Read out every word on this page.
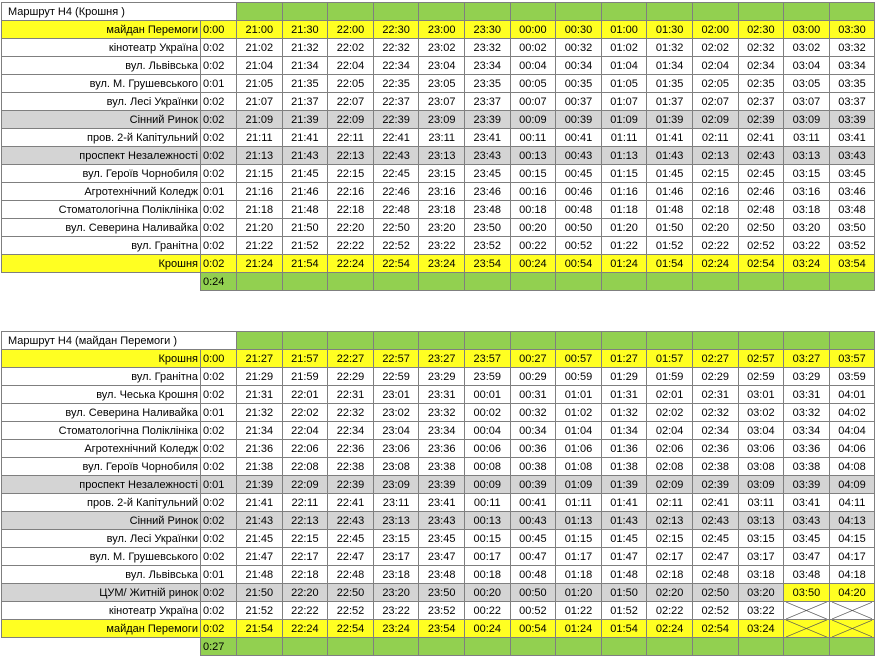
Маршрут Н4 (Крошня )															
майдан Перемоги	0:00	21:00	21:30	22:00	22:30	23:00	23:30	00:00	00:30	01:00	01:30	02:00	02:30	03:00	03:30
кінотеатр Україна	0:02	21:02	21:32	22:02	22:32	23:02	23:32	00:02	00:32	01:02	01:32	02:02	02:32	03:02	03:32
вул. Львівська	0:02	21:04	21:34	22:04	22:34	23:04	23:34	00:04	00:34	01:04	01:34	02:04	02:34	03:04	03:34
вул. М. Грушевського	0:01	21:05	21:35	22:05	22:35	23:05	23:35	00:05	00:35	01:05	01:35	02:05	02:35	03:05	03:35
вул. Лесі Українки	0:02	21:07	21:37	22:07	22:37	23:07	23:37	00:07	00:37	01:07	01:37	02:07	02:37	03:07	03:37
Сінний Ринок	0:02	21:09	21:39	22:09	22:39	23:09	23:39	00:09	00:39	01:09	01:39	02:09	02:39	03:09	03:39
пров. 2-й Капітульний	0:02	21:11	21:41	22:11	22:41	23:11	23:41	00:11	00:41	01:11	01:41	02:11	02:41	03:11	03:41
проспект Незалежності	0:02	21:13	21:43	22:13	22:43	23:13	23:43	00:13	00:43	01:13	01:43	02:13	02:43	03:13	03:43
вул. Героїв Чорнобиля	0:02	21:15	21:45	22:15	22:45	23:15	23:45	00:15	00:45	01:15	01:45	02:15	02:45	03:15	03:45
Агротехнічний Коледж	0:01	21:16	21:46	22:16	22:46	23:16	23:46	00:16	00:46	01:16	01:46	02:16	02:46	03:16	03:46
Стоматологічна Поліклініка	0:02	21:18	21:48	22:18	22:48	23:18	23:48	00:18	00:48	01:18	01:48	02:18	02:48	03:18	03:48
вул. Северина Наливайка	0:02	21:20	21:50	22:20	22:50	23:20	23:50	00:20	00:50	01:20	01:50	02:20	02:50	03:20	03:50
вул. Гранітна	0:02	21:22	21:52	22:22	22:52	23:22	23:52	00:22	00:52	01:22	01:52	02:22	02:52	03:22	03:52
Крошня	0:02	21:24	21:54	22:24	22:54	23:24	23:54	00:24	00:54	01:24	01:54	02:24	02:54	03:24	03:54
	0:24														
Маршрут Н4 (майдан Перемоги )															
Крошня	0:00	21:27	21:57	22:27	22:57	23:27	23:57	00:27	00:57	01:27	01:57	02:27	02:57	03:27	03:57
вул. Гранітна	0:02	21:29	21:59	22:29	22:59	23:29	23:59	00:29	00:59	01:29	01:59	02:29	02:59	03:29	03:59
вул. Чеська Крошня	0:02	21:31	22:01	22:31	23:01	23:31	00:01	00:31	01:01	01:31	02:01	02:31	03:01	03:31	04:01
вул. Северина Наливайка	0:01	21:32	22:02	22:32	23:02	23:32	00:02	00:32	01:02	01:32	02:02	02:32	03:02	03:32	04:02
Стоматологічна Поліклініка	0:02	21:34	22:04	22:34	23:04	23:34	00:04	00:34	01:04	01:34	02:04	02:34	03:04	03:34	04:04
Агротехнічний Коледж	0:02	21:36	22:06	22:36	23:06	23:36	00:06	00:36	01:06	01:36	02:06	02:36	03:06	03:36	04:06
вул. Героїв Чорнобиля	0:02	21:38	22:08	22:38	23:08	23:38	00:08	00:38	01:08	01:38	02:08	02:38	03:08	03:38	04:08
проспект Незалежності	0:01	21:39	22:09	22:39	23:09	23:39	00:09	00:39	01:09	01:39	02:09	02:39	03:09	03:39	04:09
пров. 2-й Капітульний	0:02	21:41	22:11	22:41	23:11	23:41	00:11	00:41	01:11	01:41	02:11	02:41	03:11	03:41	04:11
Сінний Ринок	0:02	21:43	22:13	22:43	23:13	23:43	00:13	00:43	01:13	01:43	02:13	02:43	03:13	03:43	04:13
вул. Лесі Українки	0:02	21:45	22:15	22:45	23:15	23:45	00:15	00:45	01:15	01:45	02:15	02:45	03:15	03:45	04:15
вул. М. Грушевського	0:02	21:47	22:17	22:47	23:17	23:47	00:17	00:47	01:17	01:47	02:17	02:47	03:17	03:47	04:17
вул. Львівська	0:01	21:48	22:18	22:48	23:18	23:48	00:18	00:48	01:18	01:48	02:18	02:48	03:18	03:48	04:18
ЦУМ/ Житній ринок	0:02	21:50	22:20	22:50	23:20	23:50	00:20	00:50	01:20	01:50	02:20	02:50	03:20	03:50	04:20
кінотеатр Україна	0:02	21:52	22:22	22:52	23:22	23:52	00:22	00:52	01:22	01:52	02:22	02:52	03:22	

майдан Перемоги	0:02	21:54	22:24	22:54	23:24	23:54	00:24	00:54	01:24	01:54	02:24	02:54	03:24	

	0:27														
